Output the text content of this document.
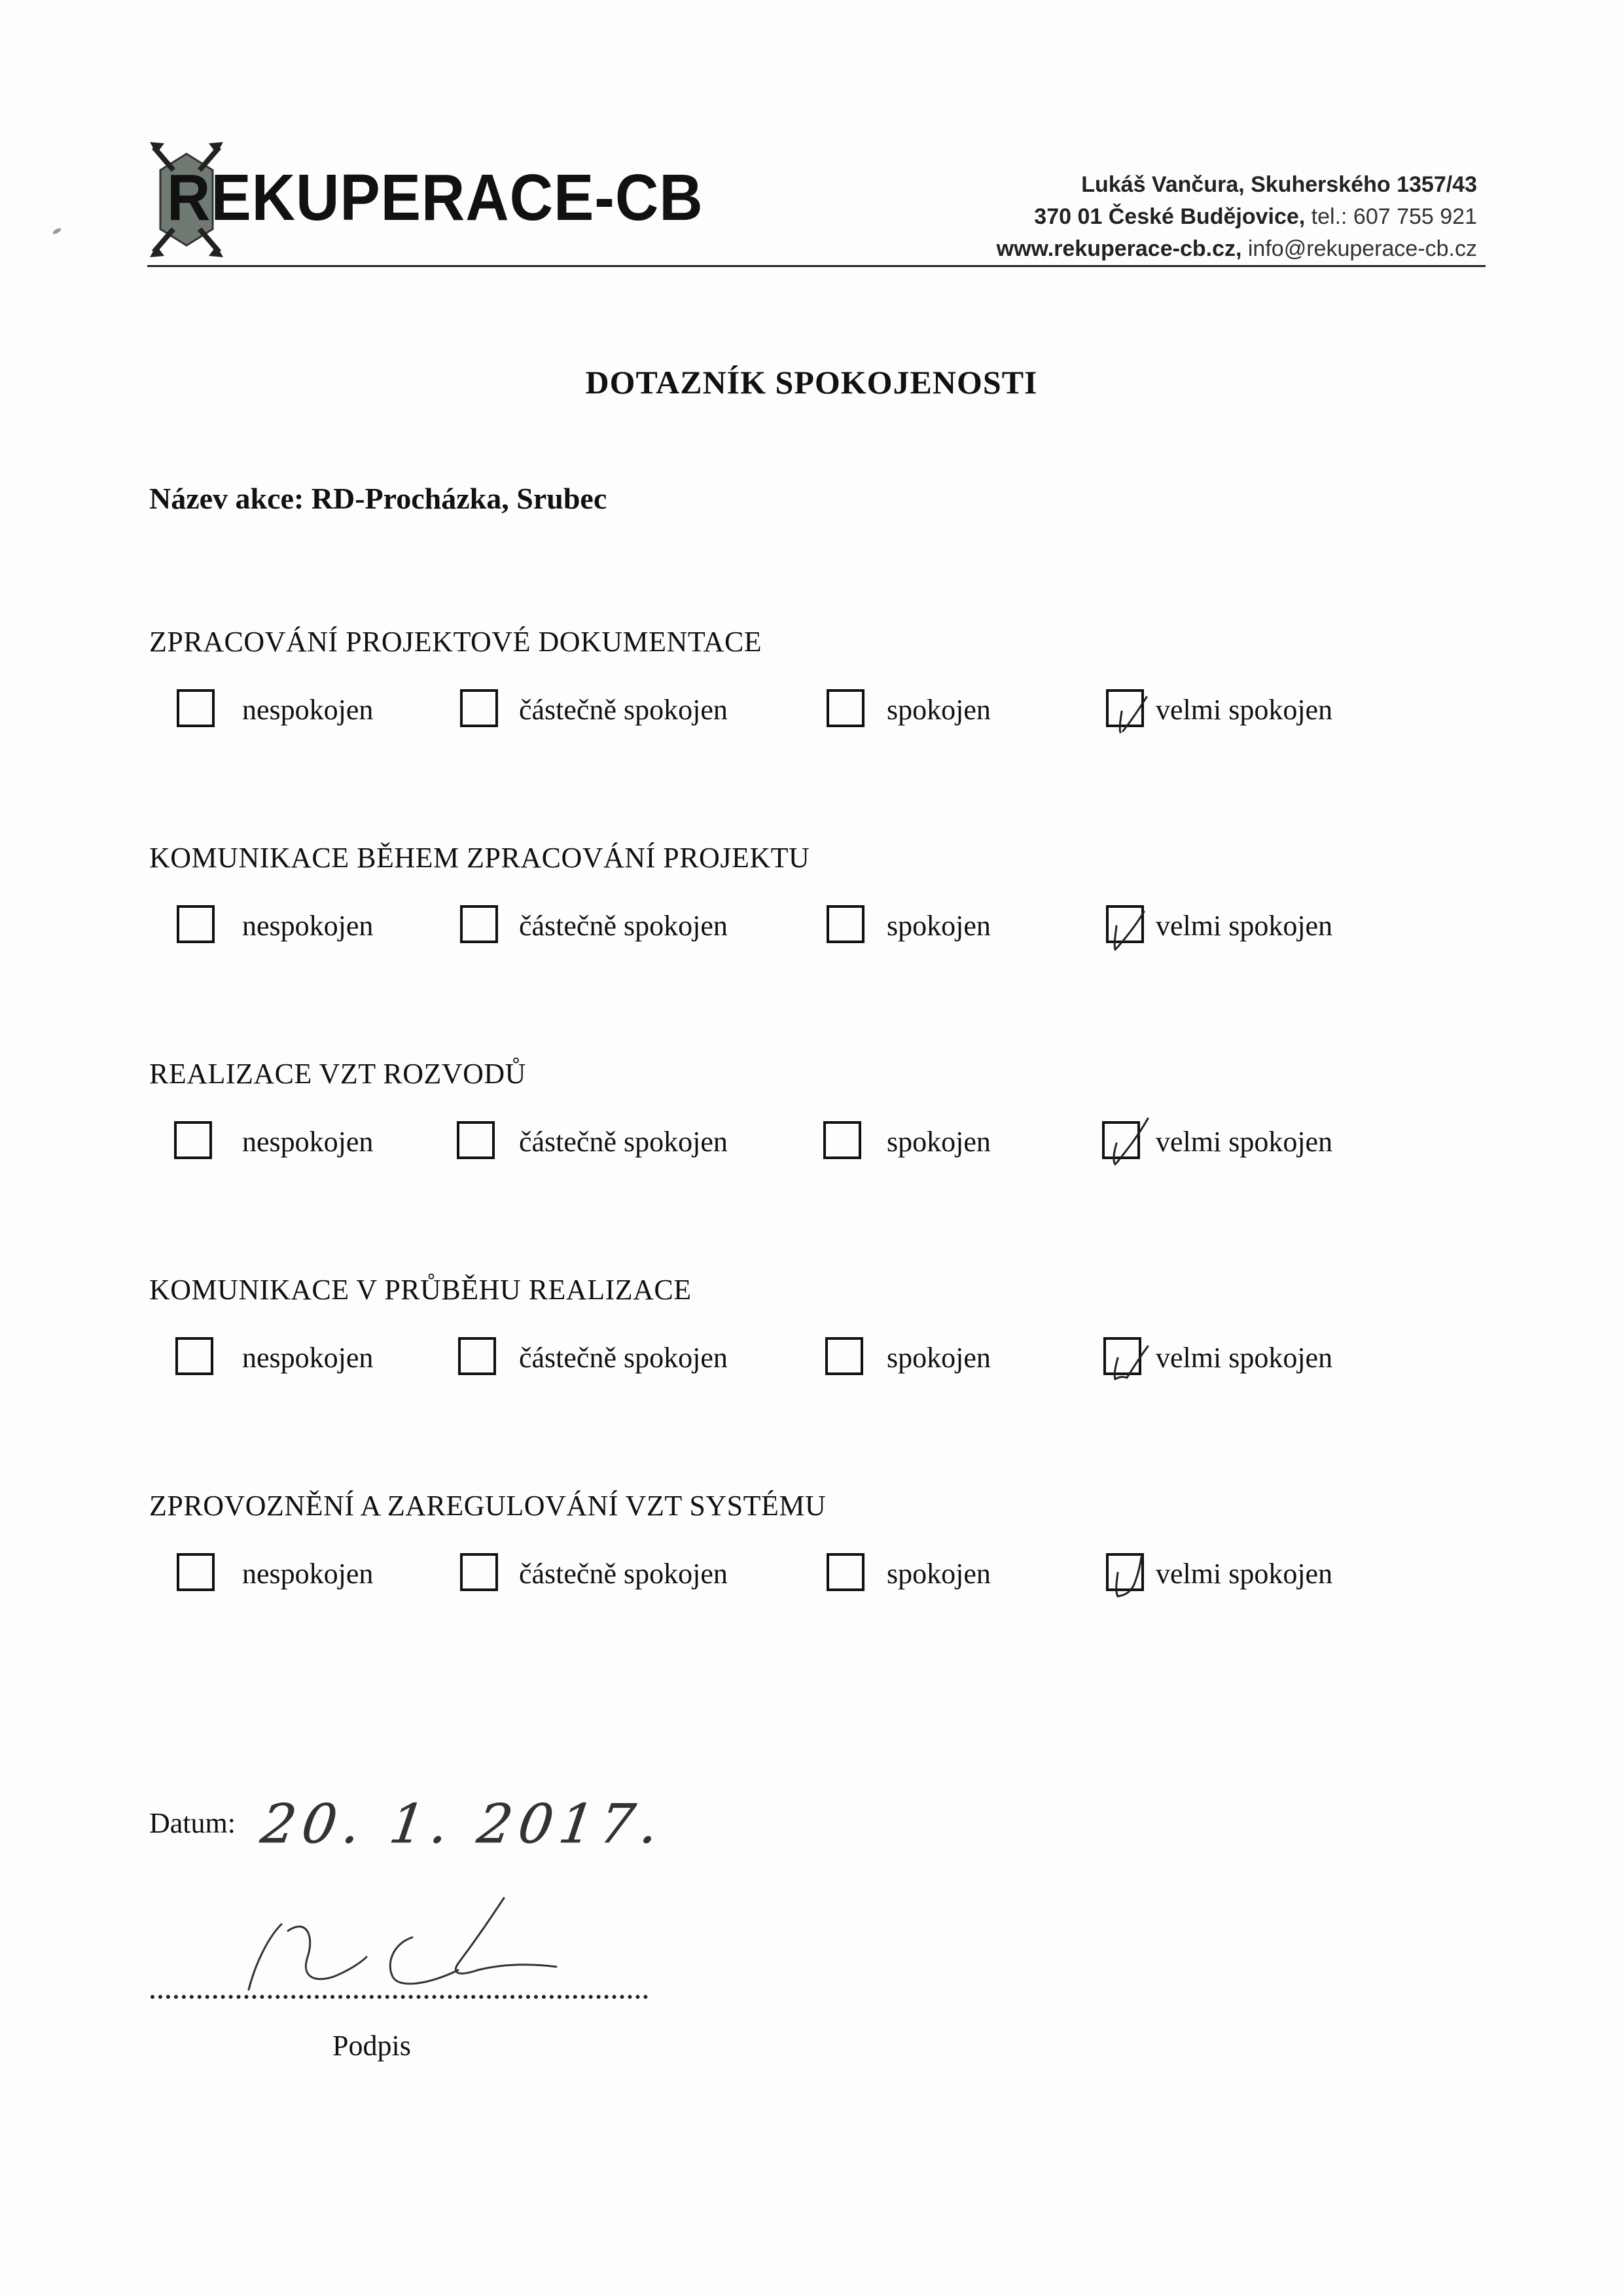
REKUPERACE-CB	Lukáš Vančura, Skuherského 1357/43
370 01 České Budějovice, tel.: 607 755 921
www.rekuperace-cb.cz, info@rekuperace-cb.cz
DOTAZNÍK SPOKOJENOSTI
Název akce: RD-Procházka, Srubec
ZPRACOVÁNÍ PROJEKTOVÉ DOKUMENTACE
nespokojen	částečně spokojen	spokojen	velmi spokojen
KOMUNIKACE BĚHEM ZPRACOVÁNÍ PROJEKTU
nespokojen	částečně spokojen	spokojen	velmi spokojen
REALIZACE VZT ROZVODŮ
nespokojen	částečně spokojen	spokojen	velmi spokojen
KOMUNIKACE V PRŮBĚHU REALIZACE
nespokojen	částečně spokojen	spokojen	velmi spokojen
ZPROVOZNĚNÍ A ZAREGULOVÁNÍ VZT SYSTÉMU
nespokojen	částečně spokojen	spokojen	velmi spokojen
Datum: 20. 1. 2017.
Podpis
